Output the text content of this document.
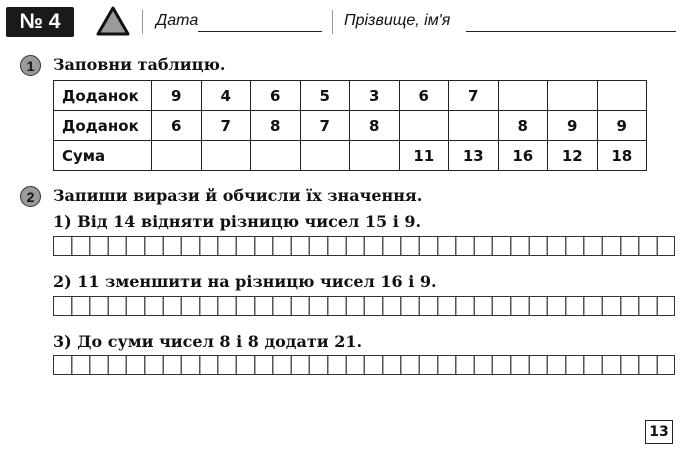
№ 4	Дата	Прізвище, ім'я
1	Заповни таблицю.
Доданок	9	4	6	5	3	6	7			
Доданок	6	7	8	7	8			8	9	9
Сума						11	13	16	12	18
2	Запиши вирази й обчисли їх значення.
1) Від 14 відняти різницю чисел 15 і 9.
2) 11 зменшити на різницю чисел 16 і 9.
3) До суми чисел 8 і 8 додати 21.
13
